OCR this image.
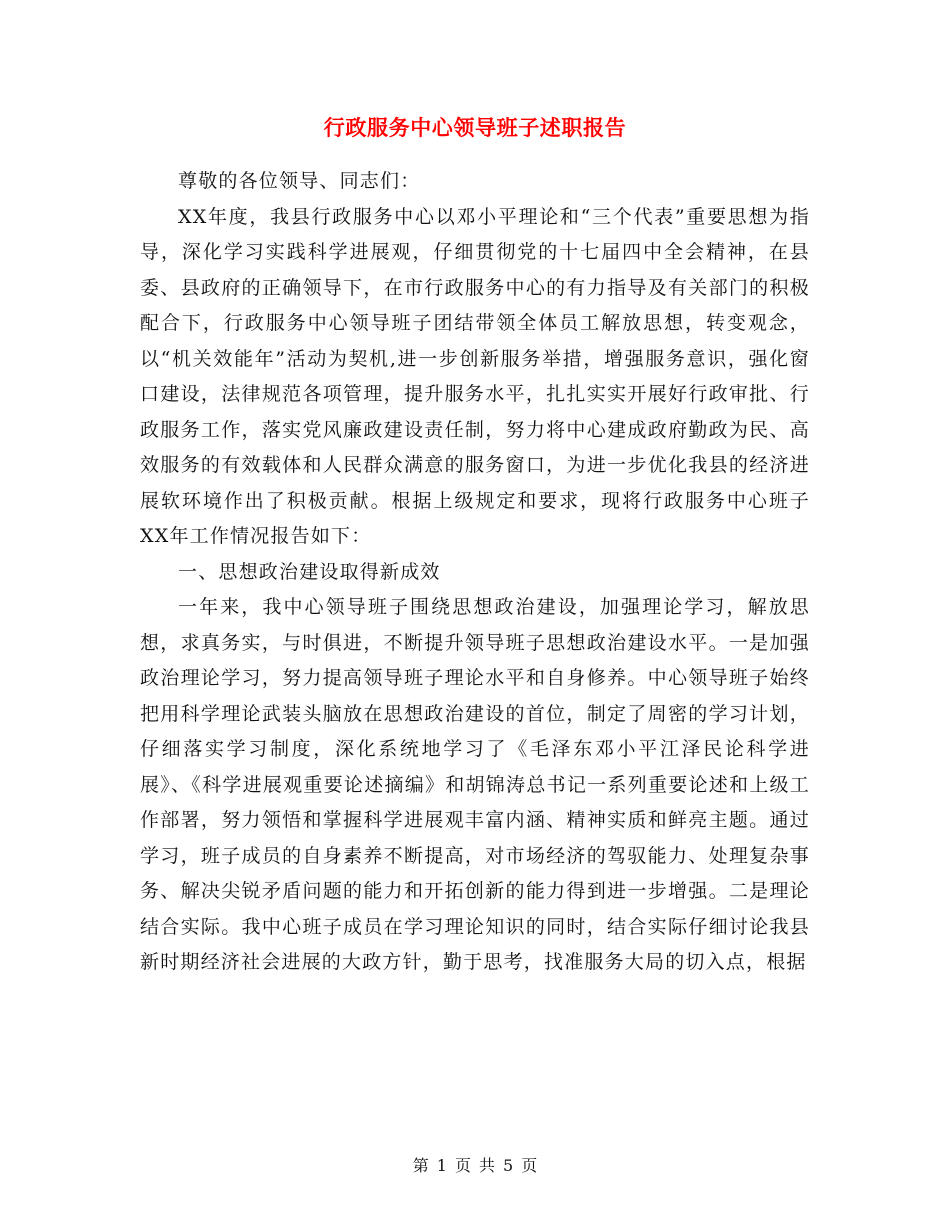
行政服务中心领导班子述职报告

尊敬的各位领导、同志们：

XX年度，我县行政服务中心以邓小平理论和“三个代表”重要思想为指导，深化学习实践科学进展观，仔细贯彻党的十七届四中全会精神，在县委、县政府的正确领导下，在市行政服务中心的有力指导及有关部门的积极配合下，行政服务中心领导班子团结带领全体员工解放思想，转变观念，以“机关效能年”活动为契机,进一步创新服务举措，增强服务意识，强化窗口建设，法律规范各项管理，提升服务水平，扎扎实实开展好行政审批、行政服务工作，落实党风廉政建设责任制，努力将中心建成政府勤政为民、高效服务的有效载体和人民群众满意的服务窗口，为进一步优化我县的经济进展软环境作出了积极贡献。根据上级规定和要求，现将行政服务中心班子XX年工作情况报告如下：

一、思想政治建设取得新成效

一年来，我中心领导班子围绕思想政治建设，加强理论学习，解放思想，求真务实，与时俱进，不断提升领导班子思想政治建设水平。一是加强政治理论学习，努力提高领导班子理论水平和自身修养。中心领导班子始终把用科学理论武装头脑放在思想政治建设的首位，制定了周密的学习计划，仔细落实学习制度，深化系统地学习了《毛泽东邓小平江泽民论科学进展》、《科学进展观重要论述摘编》和胡锦涛总书记一系列重要论述和上级工作部署，努力领悟和掌握科学进展观丰富内涵、精神实质和鲜亮主题。通过学习，班子成员的自身素养不断提高，对市场经济的驾驭能力、处理复杂事务、解决尖锐矛盾问题的能力和开拓创新的能力得到进一步增强。二是理论结合实际。我中心班子成员在学习理论知识的同时，结合实际仔细讨论我县新时期经济社会进展的大政方针，勤于思考，找准服务大局的切入点，根据

第 1 页 共 5 页
